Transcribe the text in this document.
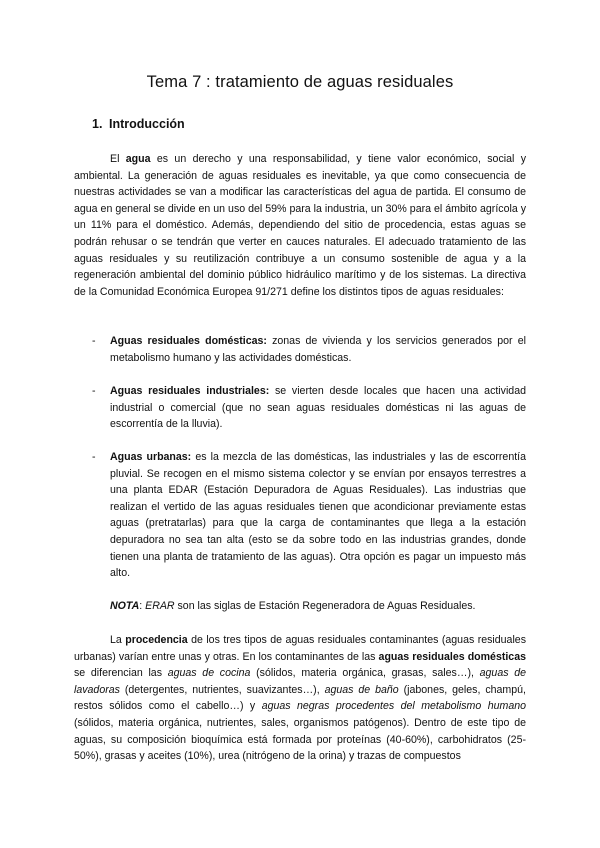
Tema 7 : tratamiento de aguas residuales
1. Introducción
El agua es un derecho y una responsabilidad, y tiene valor económico, social y ambiental. La generación de aguas residuales es inevitable, ya que como consecuencia de nuestras actividades se van a modificar las características del agua de partida. El consumo de agua en general se divide en un uso del 59% para la industria, un 30% para el ámbito agrícola y un 11% para el doméstico. Además, dependiendo del sitio de procedencia, estas aguas se podrán rehusar o se tendrán que verter en cauces naturales. El adecuado tratamiento de las aguas residuales y su reutilización contribuye a un consumo sostenible de agua y a la regeneración ambiental del dominio público hidráulico marítimo y de los sistemas. La directiva de la Comunidad Económica Europea 91/271 define los distintos tipos de aguas residuales:
- Aguas residuales domésticas: zonas de vivienda y los servicios generados por el metabolismo humano y las actividades domésticas.
- Aguas residuales industriales: se vierten desde locales que hacen una actividad industrial o comercial (que no sean aguas residuales domésticas ni las aguas de escorrentía de la lluvia).
- Aguas urbanas: es la mezcla de las domésticas, las industriales y las de escorrentía pluvial. Se recogen en el mismo sistema colector y se envían por ensayos terrestres a una planta EDAR (Estación Depuradora de Aguas Residuales). Las industrias que realizan el vertido de las aguas residuales tienen que acondicionar previamente estas aguas (pretratarlas) para que la carga de contaminantes que llega a la estación depuradora no sea tan alta (esto se da sobre todo en las industrias grandes, donde tienen una planta de tratamiento de las aguas). Otra opción es pagar un impuesto más alto.
NOTA: ERAR son las siglas de Estación Regeneradora de Aguas Residuales.
La procedencia de los tres tipos de aguas residuales contaminantes (aguas residuales urbanas) varían entre unas y otras. En los contaminantes de las aguas residuales domésticas se diferencian las aguas de cocina (sólidos, materia orgánica, grasas, sales…), aguas de lavadoras (detergentes, nutrientes, suavizantes…), aguas de baño (jabones, geles, champú, restos sólidos como el cabello…) y aguas negras procedentes del metabolismo humano (sólidos, materia orgánica, nutrientes, sales, organismos patógenos). Dentro de este tipo de aguas, su composición bioquímica está formada por proteínas (40-60%), carbohidratos (25-50%), grasas y aceites (10%), urea (nitrógeno de la orina) y trazas de compuestos
